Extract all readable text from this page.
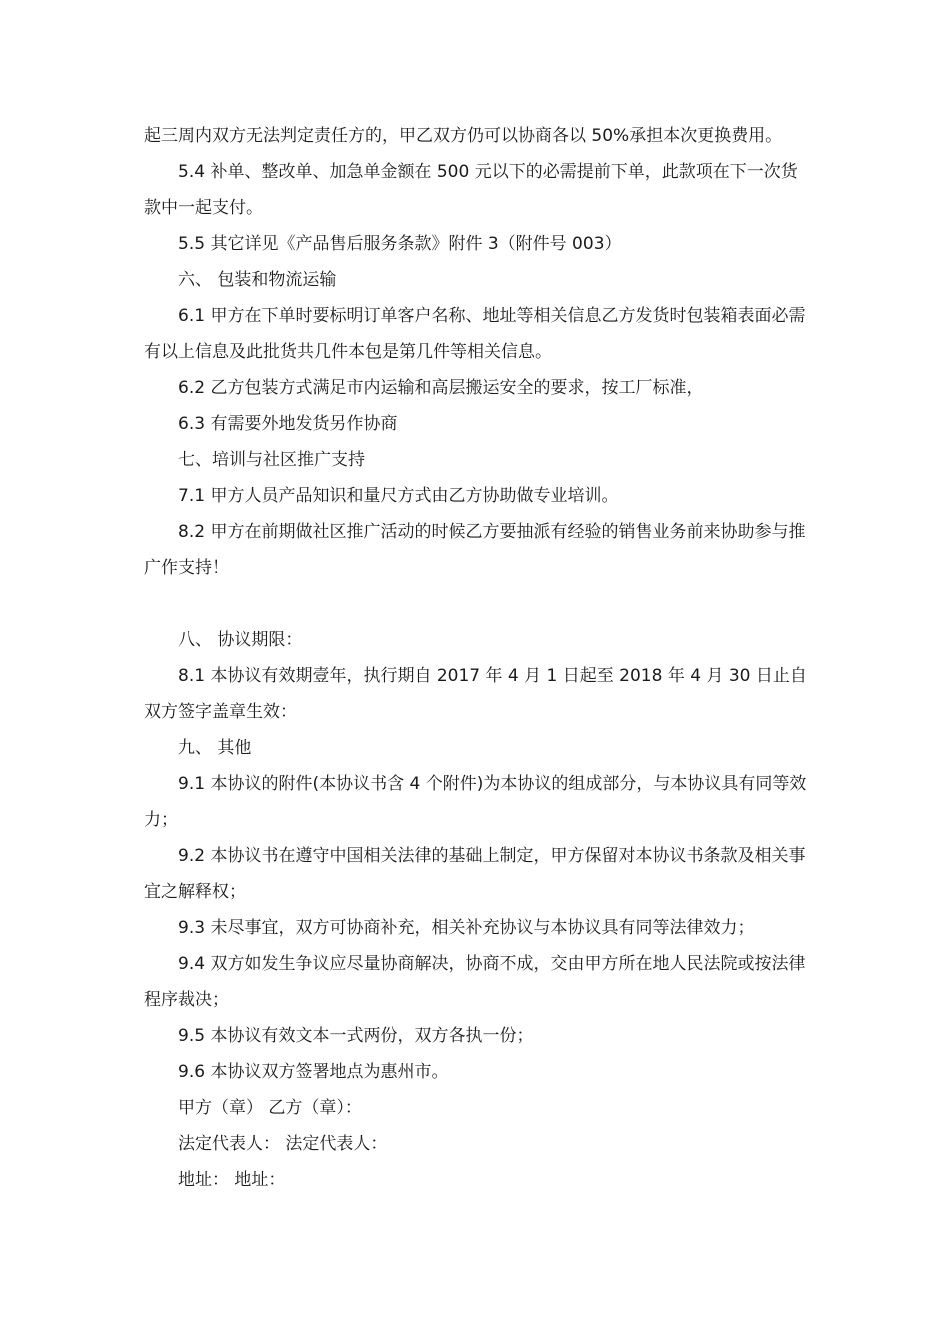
起三周内双方无法判定责任方的，甲乙双方仍可以协商各以 50%承担本次更换费用。

5.4 补单、整改单、加急单金额在 500 元以下的必需提前下单，此款项在下一次货款中一起支付。

5.5 其它详见《产品售后服务条款》附件 3（附件号 003）

六、 包装和物流运输

6.1 甲方在下单时要标明订单客户名称、地址等相关信息乙方发货时包装箱表面必需有以上信息及此批货共几件本包是第几件等相关信息。

6.2 乙方包装方式满足市内运输和高层搬运安全的要求，按工厂标准，

6.3 有需要外地发货另作协商

七、培训与社区推广支持

7.1 甲方人员产品知识和量尺方式由乙方协助做专业培训。

8.2 甲方在前期做社区推广活动的时候乙方要抽派有经验的销售业务前来协助参与推广作支持！

八、 协议期限：

8.1 本协议有效期壹年，执行期自 2017 年 4 月 1 日起至 2018 年 4 月 30 日止自双方签字盖章生效：

九、 其他

9.1 本协议的附件(本协议书含 4 个附件)为本协议的组成部分，与本协议具有同等效力；

9.2 本协议书在遵守中国相关法律的基础上制定，甲方保留对本协议书条款及相关事宜之解释权；

9.3 未尽事宜，双方可协商补充，相关补充协议与本协议具有同等法律效力；

9.4 双方如发生争议应尽量协商解决，协商不成，交由甲方所在地人民法院或按法律程序裁决；

9.5 本协议有效文本一式两份，双方各执一份；

9.6 本协议双方签署地点为惠州市。

甲方（章） 乙方（章）：

法定代表人： 法定代表人：

地址： 地址：
